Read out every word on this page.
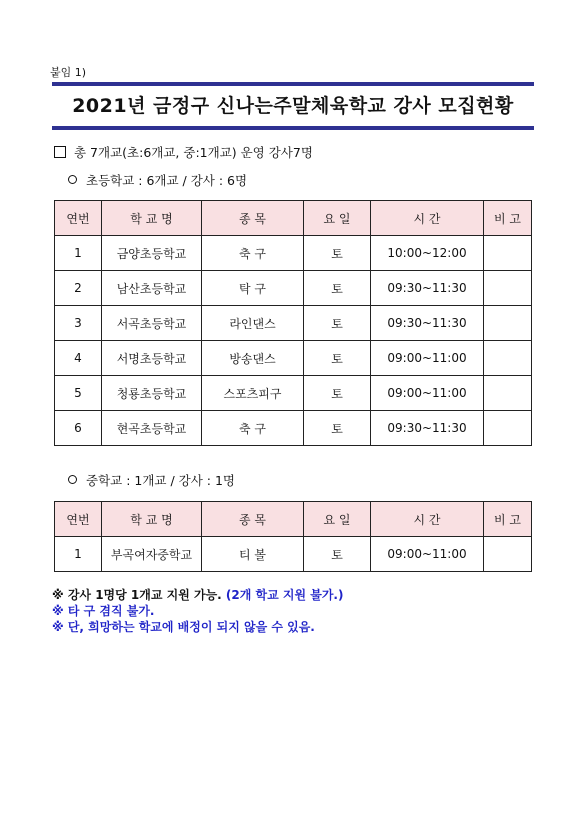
붙임 1)
2021년 금정구 신나는주말체육학교 강사 모집현황
총 7개교(초:6개교, 중:1개교) 운영 강사7명
초등학교 : 6개교 / 강사 : 6명
연번	학 교 명	종 목	요 일	시 간	비 고
1	금양초등학교	축 구	토	10:00~12:00	
2	남산초등학교	탁 구	토	09:30~11:30	
3	서곡초등학교	라인댄스	토	09:30~11:30	
4	서명초등학교	방송댄스	토	09:00~11:00	
5	청룡초등학교	스포츠피구	토	09:00~11:00	
6	현곡초등학교	축 구	토	09:30~11:30	
중학교 : 1개교 / 강사 : 1명
연번	학 교 명	종 목	요 일	시 간	비 고
1	부곡여자중학교	티 볼	토	09:00~11:00	
※ 강사 1명당 1개교 지원 가능. (2개 학교 지원 불가.)
※ 타 구 겸직 불가.
※ 단, 희망하는 학교에 배정이 되지 않을 수 있음.
